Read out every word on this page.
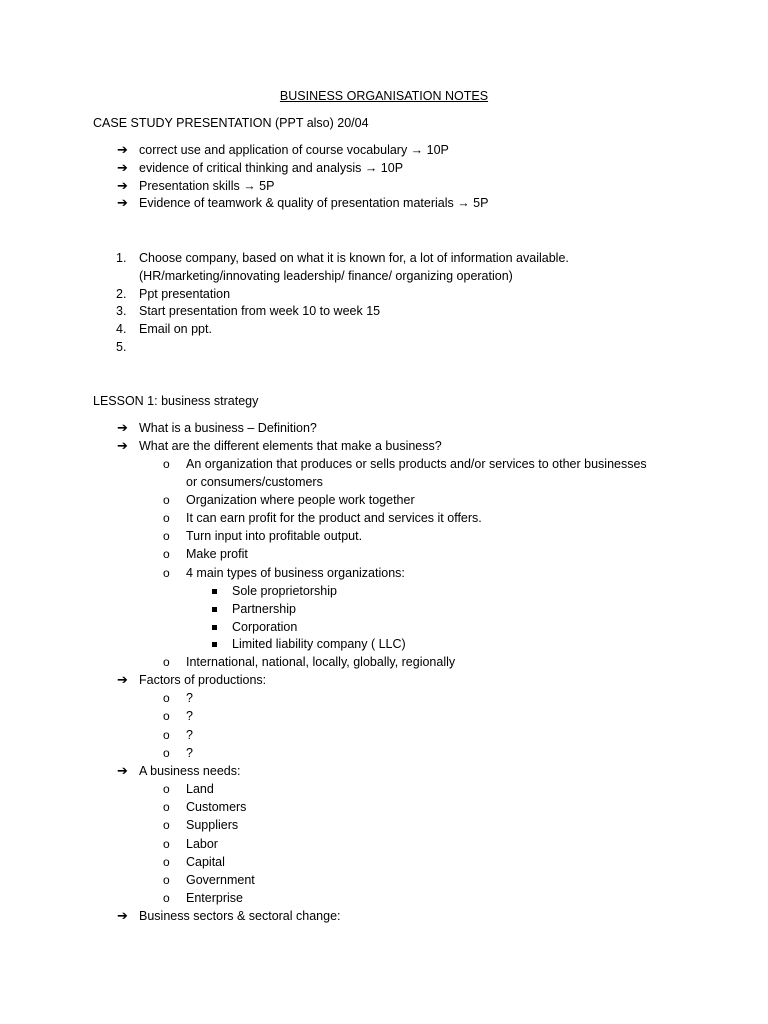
BUSINESS ORGANISATION NOTES
CASE STUDY PRESENTATION (PPT also) 20/04
➔ correct use and application of course vocabulary → 10P
➔ evidence of critical thinking and analysis → 10P
➔ Presentation skills → 5P
➔ Evidence of teamwork & quality of presentation materials → 5P
1. Choose company, based on what it is known for, a lot of information available.
(HR/marketing/innovating leadership/ finance/ organizing operation)
2. Ppt presentation
3. Start presentation from week 10 to week 15
4. Email on ppt.
5.
LESSON 1: business strategy
➔ What is a business – Definition?
➔ What are the different elements that make a business?
o An organization that produces or sells products and/or services to other businesses
or consumers/customers
o Organization where people work together
o It can earn profit for the product and services it offers.
o Turn input into profitable output.
o Make profit
o 4 main types of business organizations:
Sole proprietorship
Partnership
Corporation
Limited liability company ( LLC)
o International, national, locally, globally, regionally
➔ Factors of productions:
o ?
o ?
o ?
o ?
➔ A business needs:
o Land
o Customers
o Suppliers
o Labor
o Capital
o Government
o Enterprise
➔ Business sectors & sectoral change:
